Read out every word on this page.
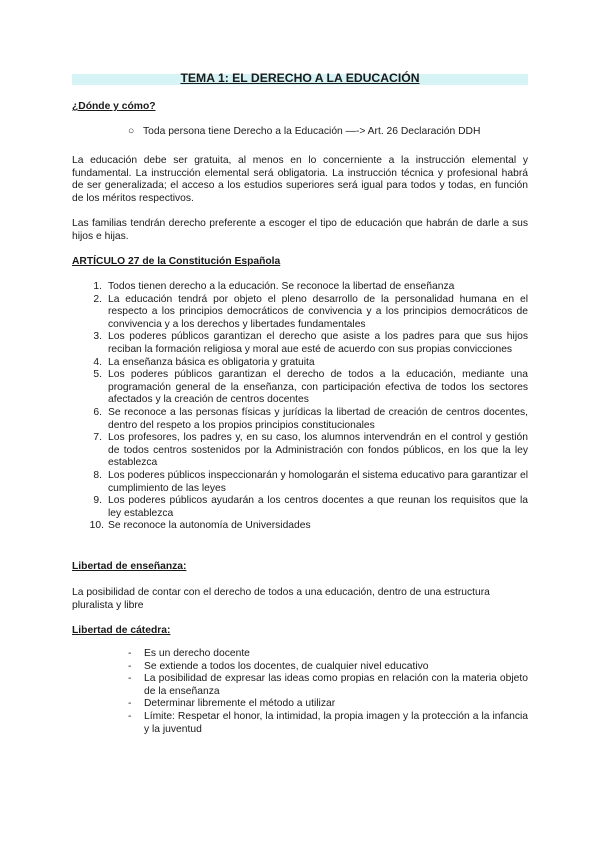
TEMA 1: EL DERECHO A LA EDUCACIÓN
¿Dónde y cómo?
○ Toda persona tiene Derecho a la Educación —-> Art. 26 Declaración DDH
La educación debe ser gratuita, al menos en lo concerniente a la instrucción elemental y fundamental. La instrucción elemental será obligatoria. La instrucción técnica y profesional habrá de ser generalizada; el acceso a los estudios superiores será igual para todos y todas, en función de los méritos respectivos.
Las familias tendrán derecho preferente a escoger el tipo de educación que habrán de darle a sus hijos e hijas.
ARTÍCULO 27 de la Constitución Española
1. Todos tienen derecho a la educación. Se reconoce la libertad de enseñanza
2. La educación tendrá por objeto el pleno desarrollo de la personalidad humana en el respecto a los principios democráticos de convivencia y a los principios democráticos de convivencia y a los derechos y libertades fundamentales
3. Los poderes públicos garantizan el derecho que asiste a los padres para que sus hijos reciban la formación religiosa y moral aue esté de acuerdo con sus propias convicciones
4. La enseñanza básica es obligatoria y gratuita
5. Los poderes públicos garantizan el derecho de todos a la educación, mediante una programación general de la enseñanza, con participación efectiva de todos los sectores afectados y la creación de centros docentes
6. Se reconoce a las personas físicas y jurídicas la libertad de creación de centros docentes, dentro del respeto a los propios principios constitucionales
7. Los profesores, los padres y, en su caso, los alumnos intervendrán en el control y gestión de todos centros sostenidos por la Administración con fondos públicos, en los que la ley establezca
8. Los poderes públicos inspeccionarán y homologarán el sistema educativo para garantizar el cumplimiento de las leyes
9. Los poderes públicos ayudarán a los centros docentes a que reunan los requisitos que la ley establezca
10. Se reconoce la autonomía de Universidades
Libertad de enseñanza:
La posibilidad de contar con el derecho de todos a una educación, dentro de una estructura pluralista y libre
Libertad de cátedra:
- Es un derecho docente
- Se extiende a todos los docentes, de cualquier nivel educativo
- La posibilidad de expresar las ideas como propias en relación con la materia objeto de la enseñanza
- Determinar libremente el método a utilizar
- Límite: Respetar el honor, la intimidad, la propia imagen y la protección a la infancia y la juventud
